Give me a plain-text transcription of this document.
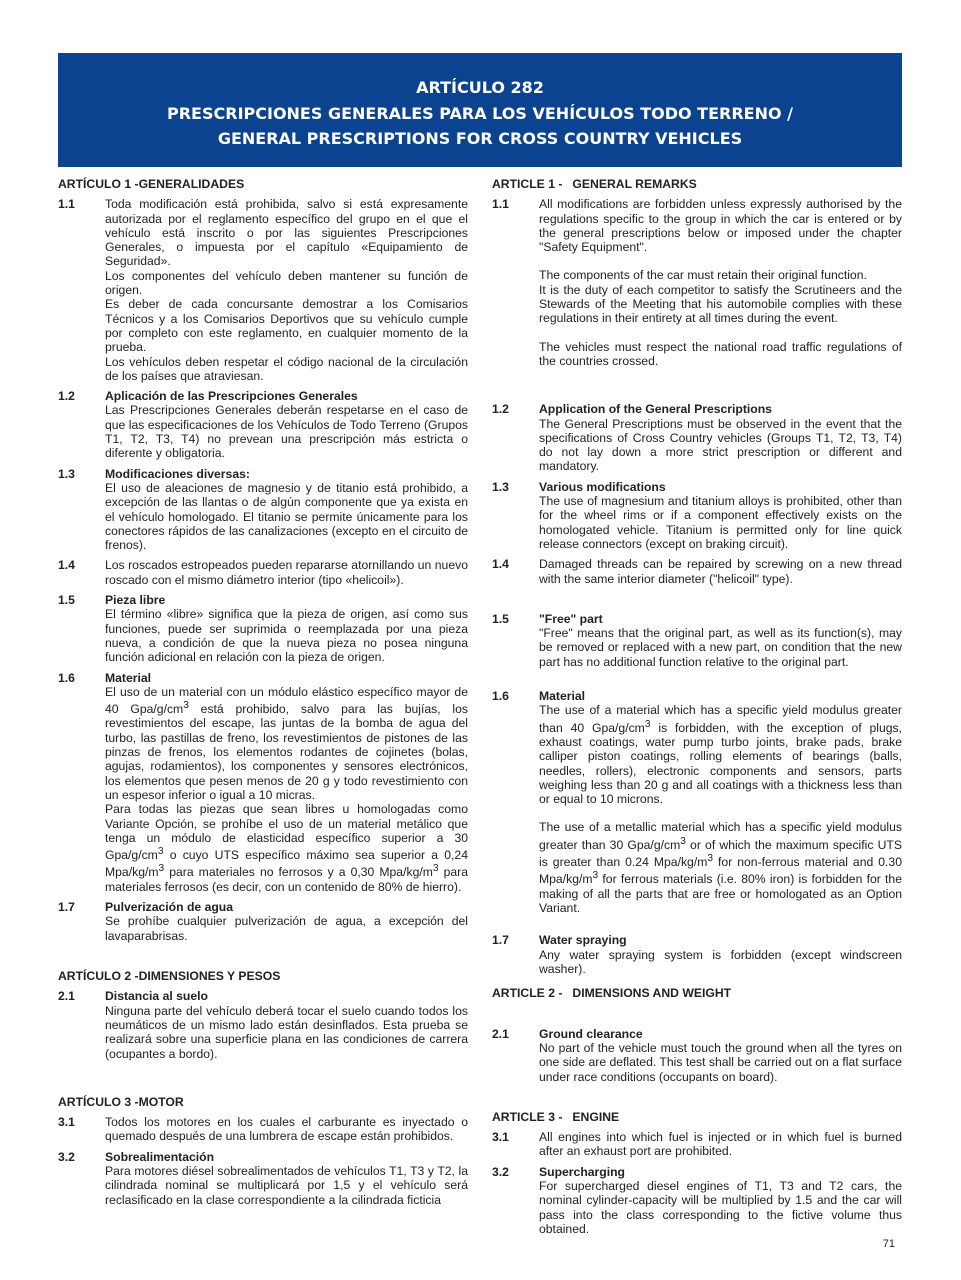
ARTÍCULO 282
PRESCRIPCIONES GENERALES PARA LOS VEHÍCULOS TODO TERRENO /
GENERAL PRESCRIPTIONS FOR CROSS COUNTRY VEHICLES
ARTÍCULO 1 -GENERALIDADES
1.1	Toda modificación está prohibida, salvo si está expresamente autorizada por el reglamento específico del grupo en el que el vehículo está inscrito o por las siguientes Prescripciones Generales, o impuesta por el capítulo «Equipamiento de Seguridad».
Los componentes del vehículo deben mantener su función de origen.
Es deber de cada concursante demostrar a los Comisarios Técnicos y a los Comisarios Deportivos que su vehículo cumple por completo con este reglamento, en cualquier momento de la prueba.
Los vehículos deben respetar el código nacional de la circulación de los países que atraviesan.
1.2	Aplicación de las Prescripciones Generales
Las Prescripciones Generales deberán respetarse en el caso de que las especificaciones de los Vehículos de Todo Terreno (Grupos T1, T2, T3, T4) no prevean una prescripción más estricta o diferente y obligatoria.
1.3	Modificaciones diversas:
El uso de aleaciones de magnesio y de titanio está prohibido, a excepción de las llantas o de algún componente que ya exista en el vehículo homologado. El titanio se permite únicamente para los conectores rápidos de las canalizaciones (excepto en el circuito de frenos).
1.4	Los roscados estropeados pueden repararse atornillando un nuevo roscado con el mismo diámetro interior (tipo «helicoil»).
1.5	Pieza libre
El término «libre» significa que la pieza de origen, así como sus funciones, puede ser suprimida o reemplazada por una pieza nueva, a condición de que la nueva pieza no posea ninguna función adicional en relación con la pieza de origen.
1.6	Material
El uso de un material con un módulo elástico específico mayor de 40 Gpa/$g/cm^3$ está prohibido, salvo para las bujías, los revestimientos del escape, las juntas de la bomba de agua del turbo, las pastillas de freno, los revestimientos de pistones de las pinzas de frenos, los elementos rodantes de cojinetes (bolas, agujas, rodamientos), los componentes y sensores electrónicos, los elementos que pesen menos de 20 g y todo revestimiento con un espesor inferior o igual a 10 micras.
Para todas las piezas que sean libres u homologadas como Variante Opción, se prohíbe el uso de un material metálico que tenga un módulo de elasticidad específico superior a 30 Gpa/$g/cm^3$ o cuyo UTS específico máximo sea superior a 0,24 Mpa/$kg/m^3$ para materiales no ferrosos y a 0,30 Mpa/$kg/m^3$ para materiales ferrosos (es decir, con un contenido de 80% de hierro).
1.7	Pulverización de agua
Se prohíbe cualquier pulverización de agua, a excepción del lavaparabrisas.
ARTÍCULO 2 -DIMENSIONES Y PESOS
2.1	Distancia al suelo
Ninguna parte del vehículo deberá tocar el suelo cuando todos los neumáticos de un mismo lado están desinflados. Esta prueba se realizará sobre una superficie plana en las condiciones de carrera (ocupantes a bordo).
ARTÍCULO 3 -MOTOR
3.1	Todos los motores en los cuales el carburante es inyectado o quemado después de una lumbrera de escape están prohibidos.
3.2	Sobrealimentación
Para motores diésel sobrealimentados de vehículos T1, T3 y T2, la cilindrada nominal se multiplicará por 1,5 y el vehículo será reclasificado en la clase correspondiente a la cilindrada ficticia
ARTICLE 1 - GENERAL REMARKS
1.1	All modifications are forbidden unless expressly authorised by the regulations specific to the group in which the car is entered or by the general prescriptions below or imposed under the chapter "Safety Equipment".
The components of the car must retain their original function.
It is the duty of each competitor to satisfy the Scrutineers and the Stewards of the Meeting that his automobile complies with these regulations in their entirety at all times during the event.
The vehicles must respect the national road traffic regulations of the countries crossed.
1.2	Application of the General Prescriptions
The General Prescriptions must be observed in the event that the specifications of Cross Country vehicles (Groups T1, T2, T3, T4) do not lay down a more strict prescription or different and mandatory.
1.3	Various modifications
The use of magnesium and titanium alloys is prohibited, other than for the wheel rims or if a component effectively exists on the homologated vehicle. Titanium is permitted only for line quick release connectors (except on braking circuit).
1.4	Damaged threads can be repaired by screwing on a new thread with the same interior diameter ("helicoil" type).
1.5	"Free" part
"Free" means that the original part, as well as its function(s), may be removed or replaced with a new part, on condition that the new part has no additional function relative to the original part.
1.6	Material
The use of a material which has a specific yield modulus greater than 40 Gpa/$g/cm^3$ is forbidden, with the exception of plugs, exhaust coatings, water pump turbo joints, brake pads, brake calliper piston coatings, rolling elements of bearings (balls, needles, rollers), electronic components and sensors, parts weighing less than 20 g and all coatings with a thickness less than or equal to 10 microns.
The use of a metallic material which has a specific yield modulus greater than 30 Gpa/$g/cm^3$ or of which the maximum specific UTS is greater than 0.24 Mpa/$kg/m^3$ for non-ferrous material and 0.30 Mpa/$kg/m^3$ for ferrous materials (i.e. 80% iron) is forbidden for the making of all the parts that are free or homologated as an Option Variant.
1.7	Water spraying
Any water spraying system is forbidden (except windscreen washer).
ARTICLE 2 - DIMENSIONS AND WEIGHT
2.1	Ground clearance
No part of the vehicle must touch the ground when all the tyres on one side are deflated. This test shall be carried out on a flat surface under race conditions (occupants on board).
ARTICLE 3 - ENGINE
3.1	All engines into which fuel is injected or in which fuel is burned after an exhaust port are prohibited.
3.2	Supercharging
For supercharged diesel engines of T1, T3 and T2 cars, the nominal cylinder-capacity will be multiplied by 1.5 and the car will pass into the class corresponding to the fictive volume thus obtained.
71
